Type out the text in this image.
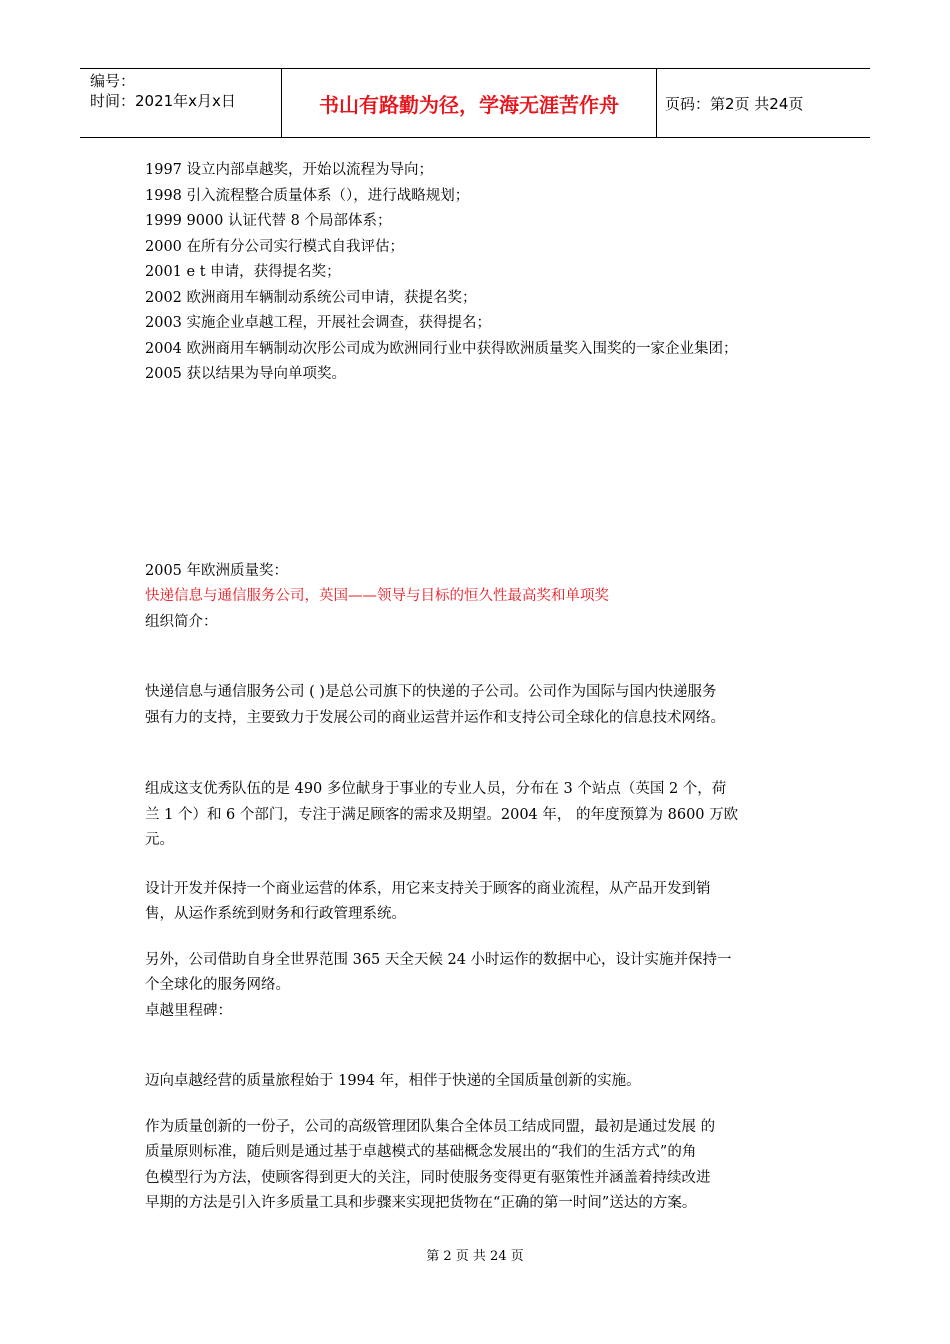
编号：
时间：2021年x月x日	书山有路勤为径，学海无涯苦作舟	页码：第2页 共24页
1997 设立内部卓越奖，开始以流程为导向；
1998 引入流程整合质量体系（），进行战略规划；
1999 9000 认证代替 8 个局部体系；
2000 在所有分公司实行模式自我评估；
2001 e t 申请，获得提名奖；
2002 欧洲商用车辆制动系统公司申请，获提名奖；
2003 实施企业卓越工程，开展社会调查，获得提名；
2004 欧洲商用车辆制动次彤公司成为欧洲同行业中获得欧洲质量奖入围奖的一家企业集团；
2005 获以结果为导向单项奖。
2005 年欧洲质量奖：
快递信息与通信服务公司，英国——领导与目标的恒久性最高奖和单项奖
组织简介：
快递信息与通信服务公司 ( )是总公司旗下的快递的子公司。公司作为国际与国内快递服务
强有力的支持，主要致力于发展公司的商业运营并运作和支持公司全球化的信息技术网络。
组成这支优秀队伍的是 490 多位献身于事业的专业人员，分布在 3 个站点（英国 2 个，荷
兰 1 个）和 6 个部门，专注于满足顾客的需求及期望。2004 年， 的年度预算为 8600 万欧
元。
设计开发并保持一个商业运营的体系，用它来支持关于顾客的商业流程，从产品开发到销
售，从运作系统到财务和行政管理系统。
另外，公司借助自身全世界范围 365 天全天候 24 小时运作的数据中心，设计实施并保持一
个全球化的服务网络。
卓越里程碑：
迈向卓越经营的质量旅程始于 1994 年，相伴于快递的全国质量创新的实施。
作为质量创新的一份子，公司的高级管理团队集合全体员工结成同盟，最初是通过发展 的
质量原则标准，随后则是通过基于卓越模式的基础概念发展出的“我们的生活方式”的角
色模型行为方法，使顾客得到更大的关注，同时使服务变得更有驱策性并涵盖着持续改进
早期的方法是引入许多质量工具和步骤来实现把货物在“正确的第一时间”送达的方案。
第 2 页 共 24 页
